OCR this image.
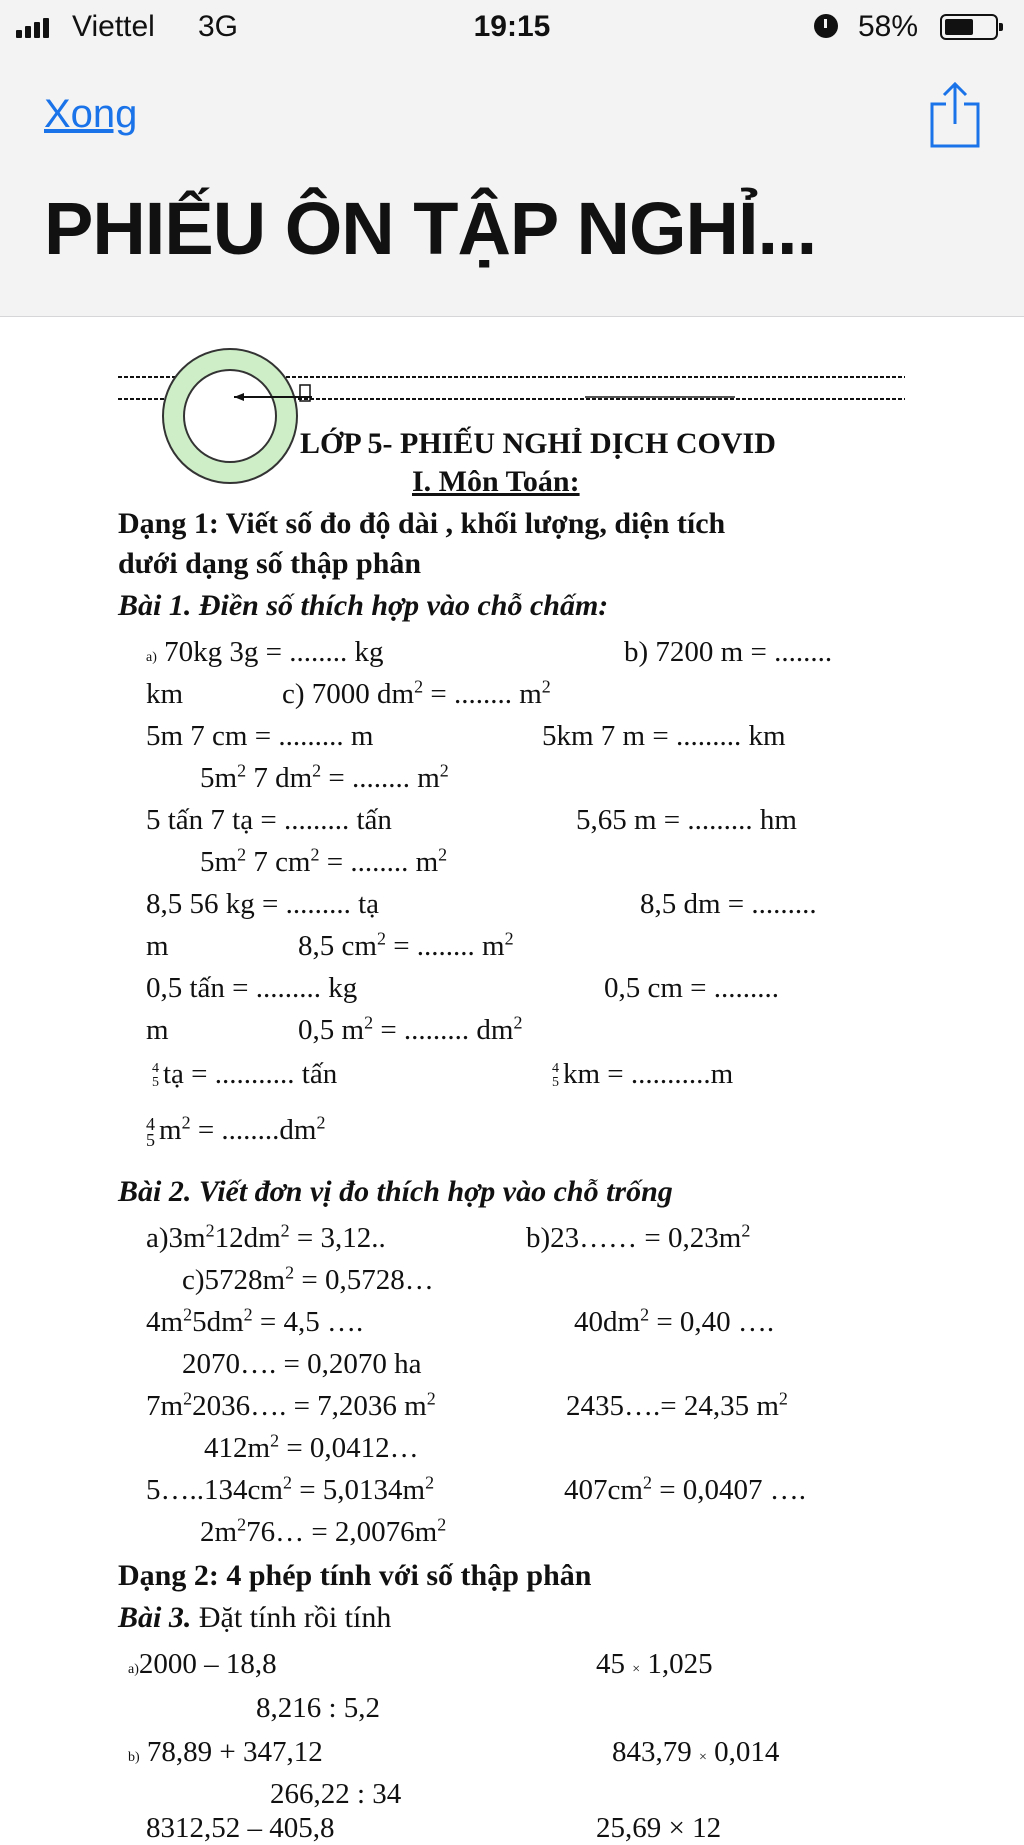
Viettel 3G	19:15	58%
Xong
PHIẾU ÔN TẬP NGHỈ...
LỚP 5- PHIẾU NGHỈ DỊCH COVID
I. Môn Toán:
Dạng 1: Viết số đo độ dài , khối lượng, diện tích
dưới dạng số thập phân
Bài 1. Điền số thích hợp vào chỗ chấm:
a) 70kg 3g = ........ kg	b) 7200 m = ........
km	c) 7000 $dm^2$ = ........ $m^2$
5m 7 cm = ......... m	5km 7 m = ......... km
$5m^2$ 7 $dm^2$ = ........ $m^2$
5 tấn 7 tạ = ......... tấn	5,65 m = ......... hm
$5m^2$ 7 $cm^2$ = ........ $m^2$
8,5 56 kg = ......... tạ	8,5 dm = .........
m	8,5 $cm^2$ = ........ $m^2$
0,5 tấn = ......... kg	0,5 cm = .........
m	0,5 $m^2$ = ......... $dm^2$
4
5 tạ = ........... tấn	4
5 km = ...........m
4
5 $m^2 = ........dm^2$
Bài 2. Viết đơn vị đo thích hợp vào chỗ trống
$a)3m^212dm^2 = 3,12$..	b)23…… = $0,23m^2$
$c)5728m^2$ = 0,5728…
$4m^25dm^2 = 4,5$ ….	$40dm^2 = 0,40$ ….
2070…. = 0,2070 ha
$7m^22036\dots$. = 7,2036 $m^2$	2435….= 24,35 $m^2$
$412m^2$ = 0,0412…
$5\dots..134cm^2 = 5,0134m^2$	$407cm^2 = 0,0407$ ….
$2m^276\dots = 2,0076m^2$
Dạng 2: 4 phép tính với số thập phân
Bài 3. Đặt tính rồi tính
a)2000 – 18,8	45 × 1,025
8,216 : 5,2
b) 78,89 + 347,12	843,79 × 0,014
266,22 : 34
8312,52 – 405,8	25,69 × 12
